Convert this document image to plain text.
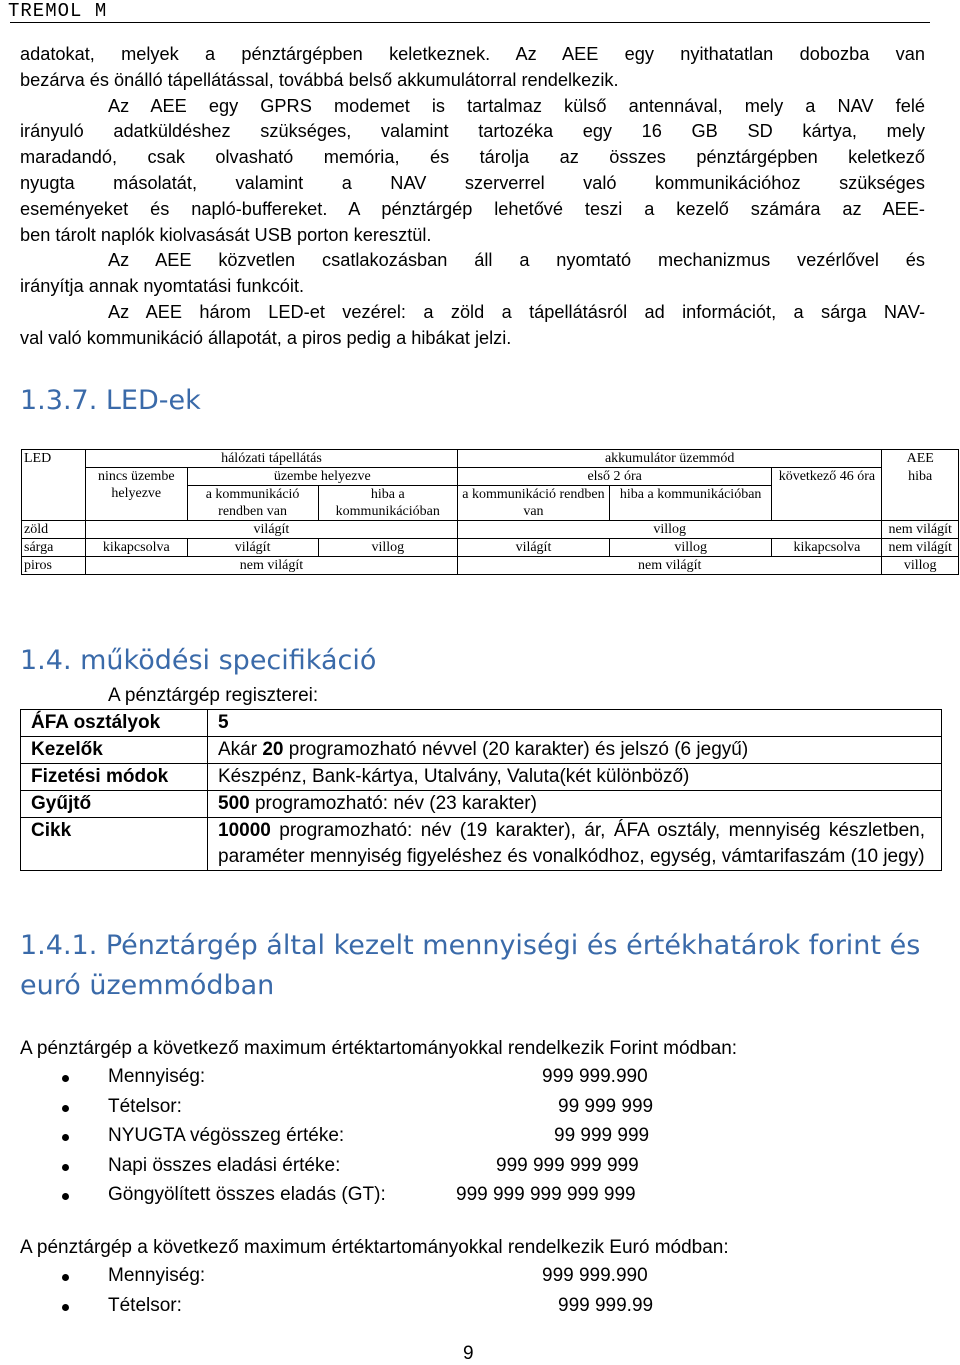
TREMOL M
adatokat, melyek a pénztárgépben keletkeznek. Az AEE egy nyithatatlan dobozba van
bezárva és önálló tápellátással, továbbá belső akkumulátorral rendelkezik.
Az AEE egy GPRS modemet is tartalmaz külső antennával, mely a NAV felé
irányuló adatküldéshez szükséges, valamint tartozéka egy 16 GB SD kártya, mely
maradandó, csak olvasható memória, és tárolja az összes pénztárgépben keletkező
nyugta másolatát, valamint a NAV szerverrel való kommunikációhoz szükséges
eseményeket és napló-buffereket. A pénztárgép lehetővé teszi a kezelő számára az AEE-
ben tárolt naplók kiolvasását USB porton keresztül.
Az AEE közvetlen csatlakozásban áll a nyomtató mechanizmus vezérlővel és
irányítja annak nyomtatási funkcóit.
Az AEE három LED-et vezérel: a zöld a tápellátásról ad információt, a sárga NAV-
val való kommunikáció állapotát, a piros pedig a hibákat jelzi.
1.3.7. LED-ek
LED	hálózati tápellátás			akkumulátor üzemmód			AEE
	nincs üzembe helyezve	üzembe helyezve		első 2 óra		következő 46 óra	hiba
		a kommunikáció rendben van	hiba a kommunikációban	a kommunikáció rendben van	hiba a kommunikációban		
zöld	világít			villog			nem világít
sárga	kikapcsolva	világít	villog	világít	villog	kikapcsolva	nem világít
piros	nem világít			nem világít			villog
1.4. működési specifikáció
A pénztárgép regiszterei:
ÁFA osztályok	5
Kezelők	Akár 20 programozható névvel (20 karakter) és jelszó (6 jegyű)
Fizetési módok	Készpénz, Bank-kártya, Utalvány, Valuta(két különböző)
Gyűjtő	500 programozható: név (23 karakter)
Cikk	10000 programozható: név (19 karakter), ár, ÁFA osztály, mennyiség készletben, paraméter mennyiség figyeléshez és vonalkódhoz, egység, vámtarifaszám (10 jegy)
1.4.1. Pénztárgép által kezelt mennyiségi és értékhatárok forint és
euró üzemmódban
A pénztárgép a következő maximum értéktartományokkal rendelkezik Forint módban:
Mennyiség:	999 999.990
Tételsor:	99 999 999
NYUGTA végösszeg értéke:	99 999 999
Napi összes eladási értéke:	999 999 999 999
Göngyölített összes eladás (GT):	999 999 999 999 999
A pénztárgép a következő maximum értéktartományokkal rendelkezik Euró módban:
Mennyiség:	999 999.990
Tételsor:	999 999.99
9
